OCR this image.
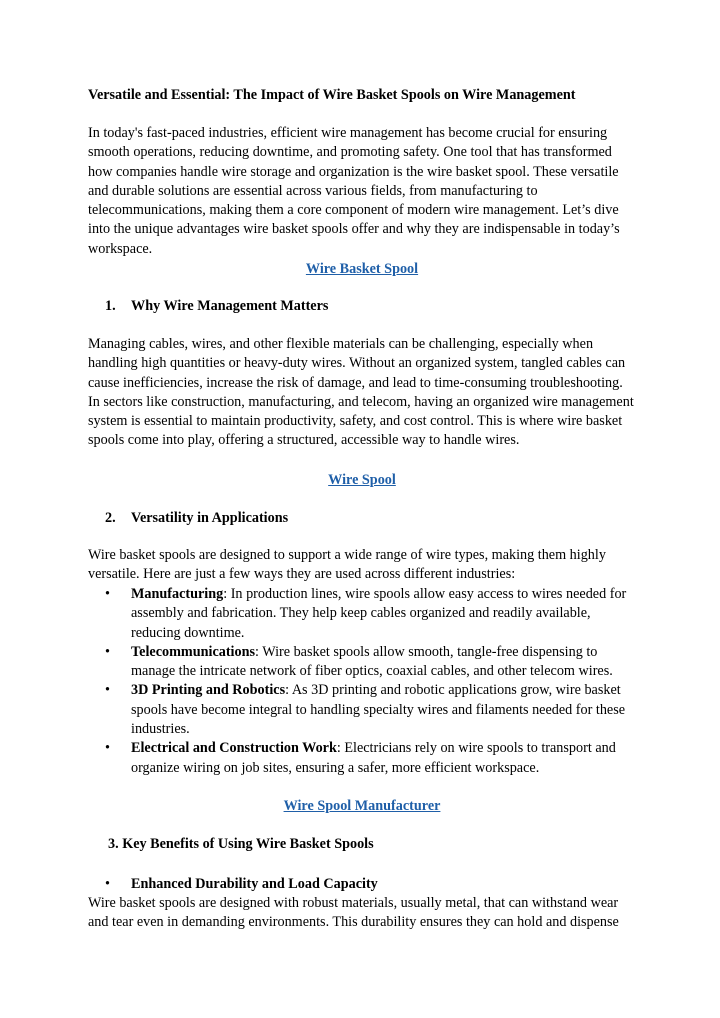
Versatile and Essential: The Impact of Wire Basket Spools on Wire Management

In today's fast-paced industries, efficient wire management has become crucial for ensuring smooth operations, reducing downtime, and promoting safety. One tool that has transformed how companies handle wire storage and organization is the wire basket spool. These versatile and durable solutions are essential across various fields, from manufacturing to telecommunications, making them a core component of modern wire management. Let’s dive into the unique advantages wire basket spools offer and why they are indispensable in today’s workspace.

Wire Basket Spool

1. Why Wire Management Matters

Managing cables, wires, and other flexible materials can be challenging, especially when handling high quantities or heavy-duty wires. Without an organized system, tangled cables can cause inefficiencies, increase the risk of damage, and lead to time-consuming troubleshooting. In sectors like construction, manufacturing, and telecom, having an organized wire management system is essential to maintain productivity, safety, and cost control. This is where wire basket spools come into play, offering a structured, accessible way to handle wires.

Wire Spool

2. Versatility in Applications

Wire basket spools are designed to support a wide range of wire types, making them highly versatile. Here are just a few ways they are used across different industries:

• Manufacturing: In production lines, wire spools allow easy access to wires needed for assembly and fabrication. They help keep cables organized and readily available, reducing downtime.
• Telecommunications: Wire basket spools allow smooth, tangle-free dispensing to manage the intricate network of fiber optics, coaxial cables, and other telecom wires.
• 3D Printing and Robotics: As 3D printing and robotic applications grow, wire basket spools have become integral to handling specialty wires and filaments needed for these industries.
• Electrical and Construction Work: Electricians rely on wire spools to transport and organize wiring on job sites, ensuring a safer, more efficient workspace.
Wire Spool Manufacturer

3. Key Benefits of Using Wire Basket Spools

•	Enhanced Durability and Load Capacity

Wire basket spools are designed with robust materials, usually metal, that can withstand wear and tear even in demanding environments. This durability ensures they can hold and dispense
